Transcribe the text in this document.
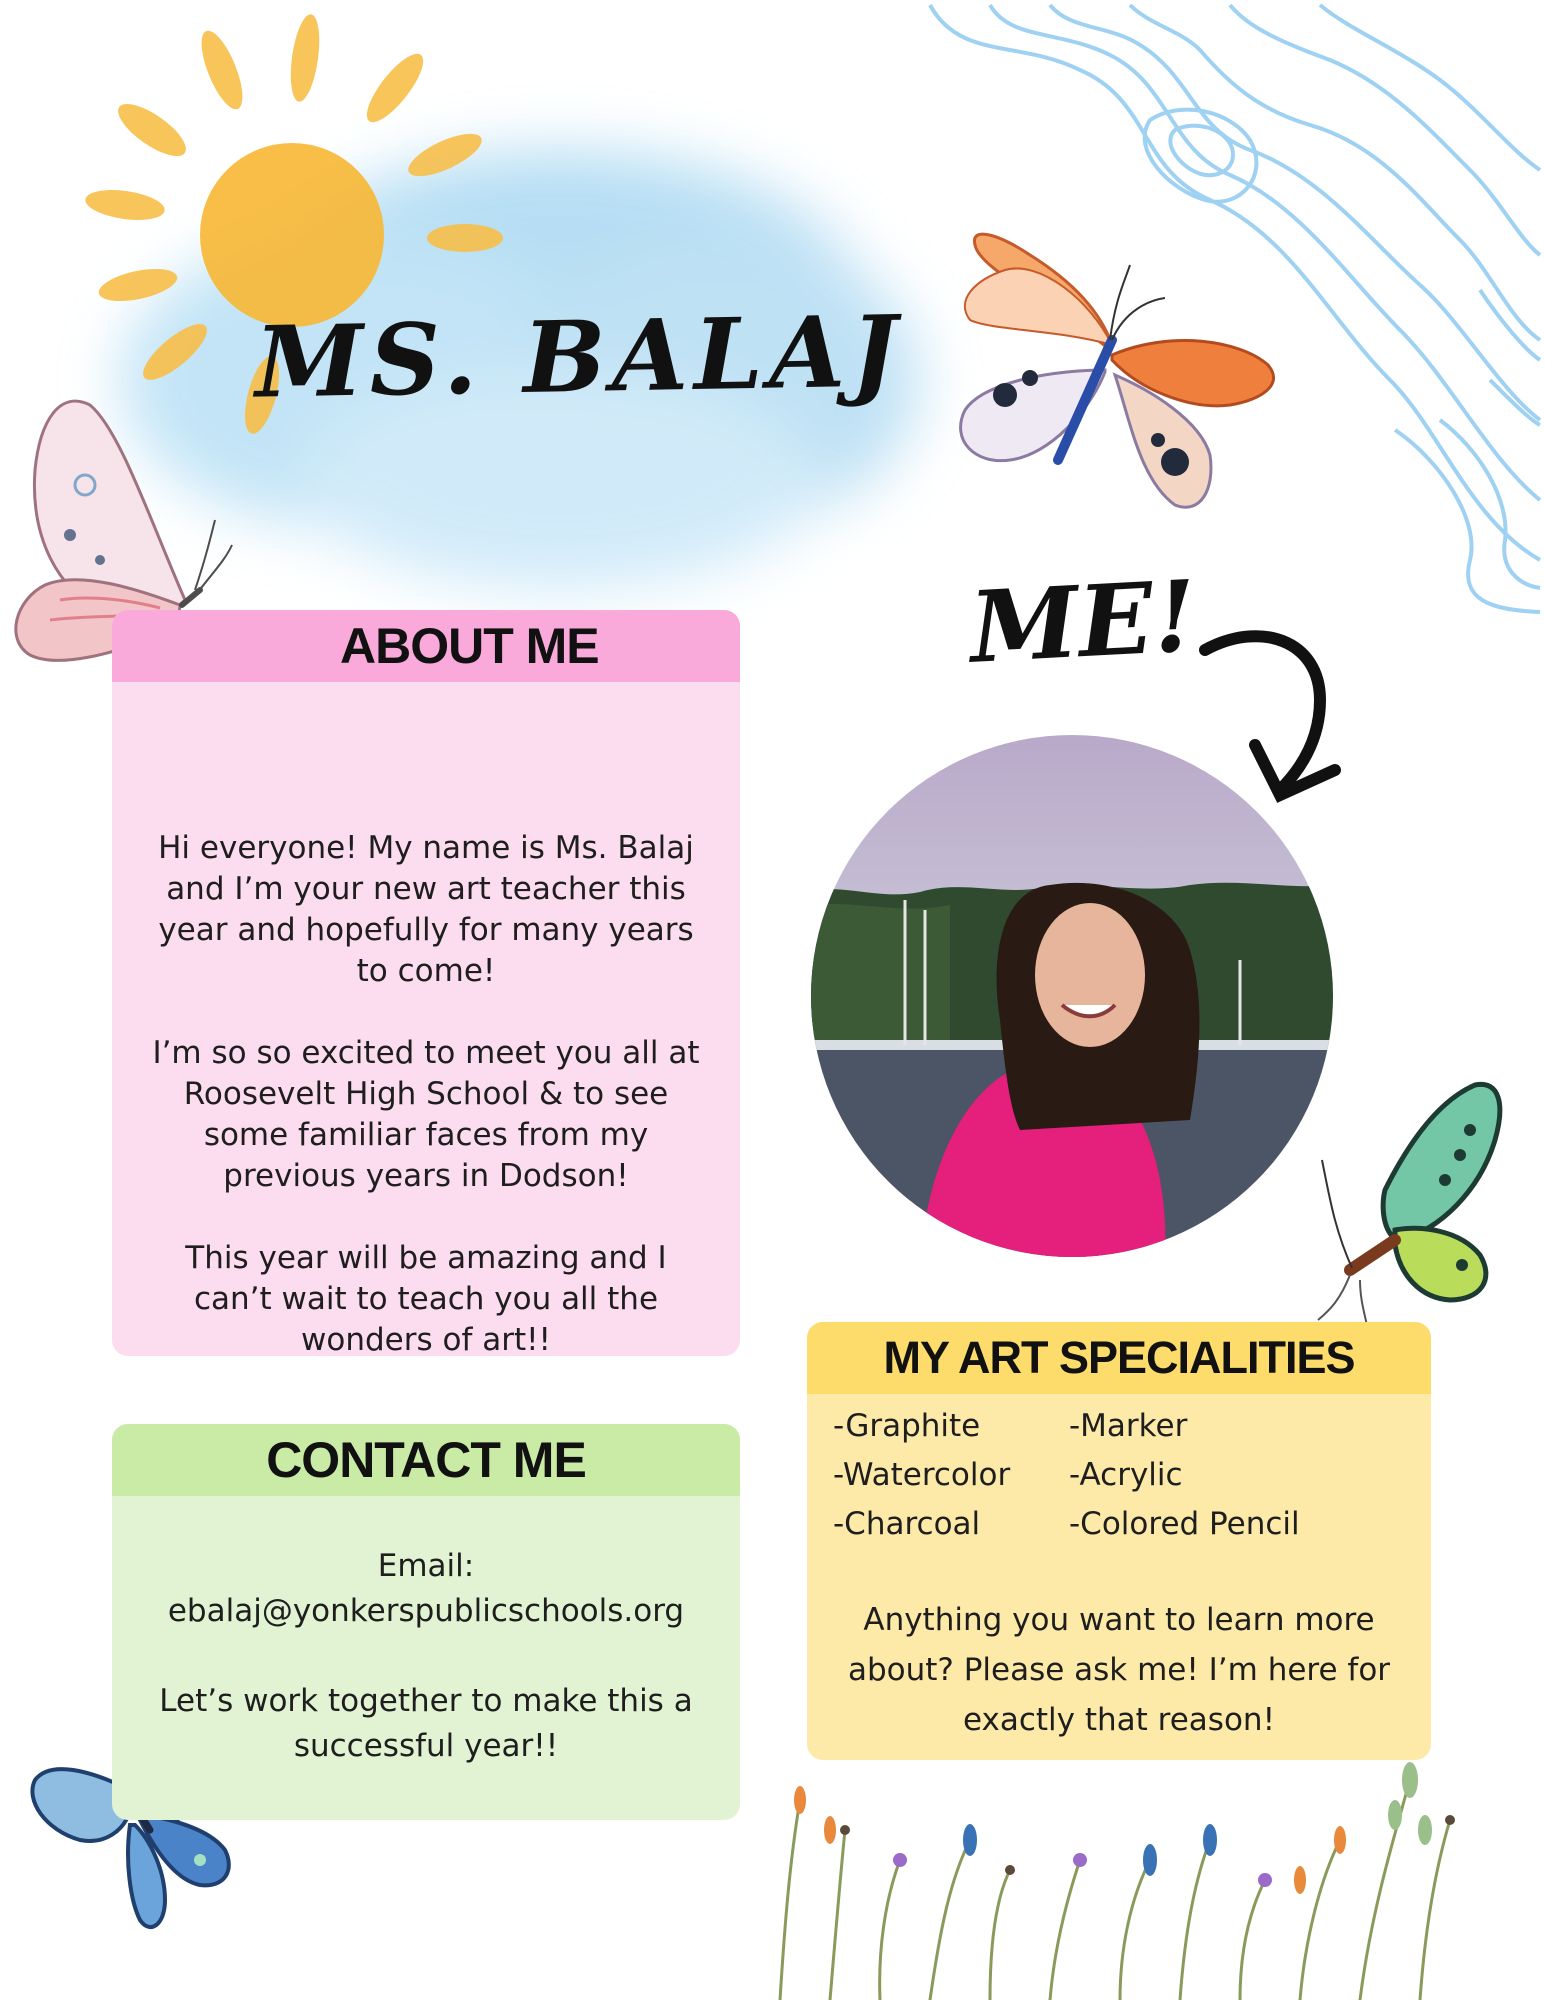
MS. BALAJ
ME!
ABOUT ME

Hi everyone! My name is Ms. Balaj and I’m your new art teacher this year and hopefully for many years to come!

I’m so so excited to meet you all at Roosevelt High School & to see some familiar faces from my previous years in Dodson!

This year will be amazing and I can’t wait to teach you all the wonders of art!!

CONTACT ME

Email:
ebalaj@yonkerspublicschools.org

Let’s work together to make this a successful year!!

MY ART SPECIALITIES
-Graphite	-Marker
-Watercolor	-Acrylic
-Charcoal	-Colored Pencil
Anything you want to learn more about? Please ask me! I’m here for exactly that reason!
